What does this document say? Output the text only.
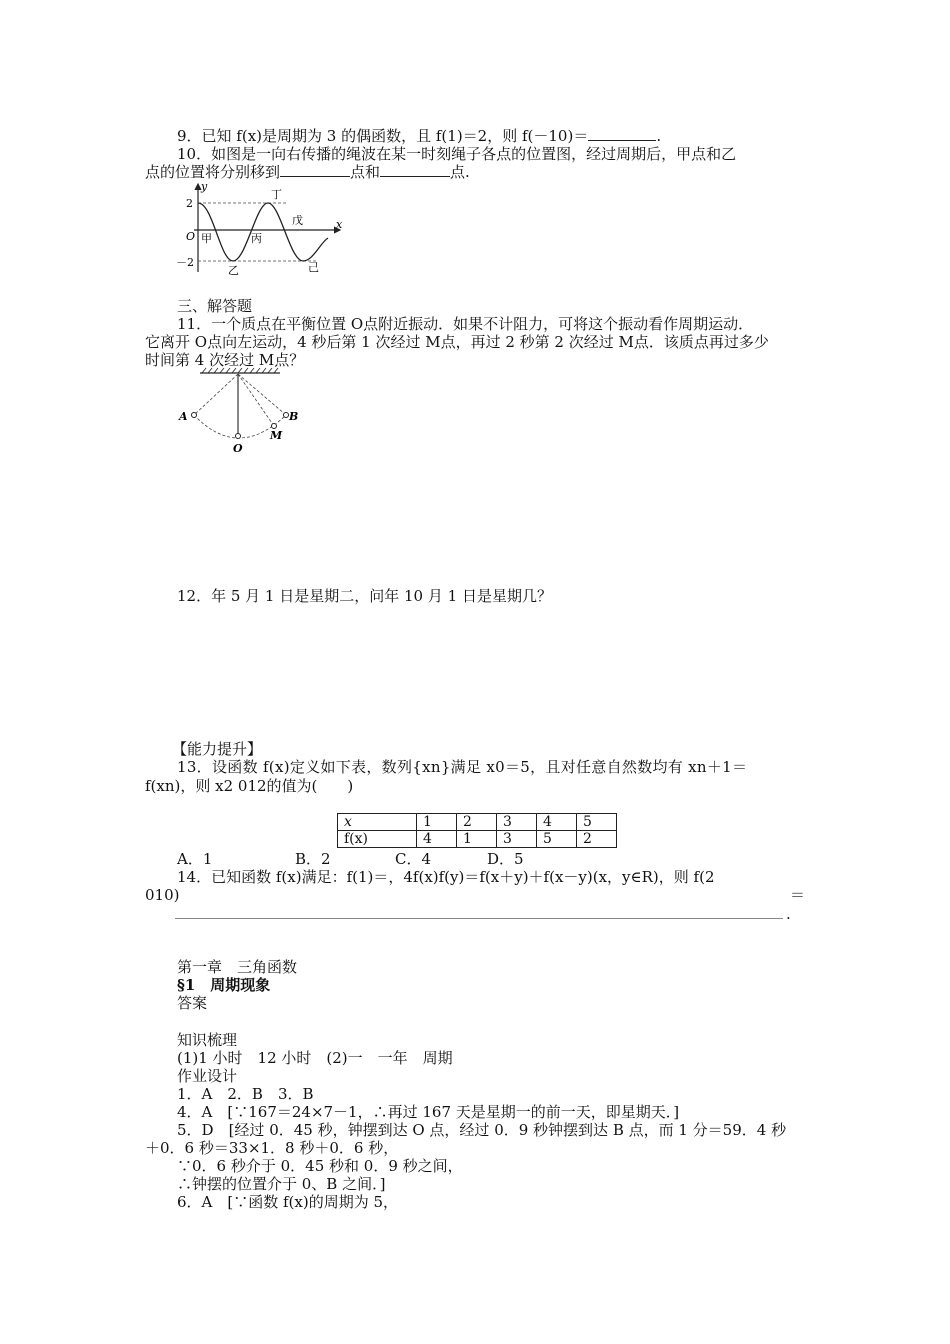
9．已知 f(x)是周期为 3 的偶函数，且 f(1)＝2，则 f(－10)＝	.
10．如图是一向右传播的绳波在某一时刻绳子各点的位置图，经过周期后，甲点和乙
点的位置将分别移到	点和	点.
y
x
O
2
－2
甲
乙
丙
丁
戊
己
三、解答题
11．一个质点在平衡位置 O点附近振动．如果不计阻力，可将这个振动看作周期运动．
它离开 O点向左运动，4 秒后第 1 次经过 M点，再过 2 秒第 2 次经过 M点．该质点再过多少
时间第 4 次经过 M点？
A	B
M
O
12．年 5 月 1 日是星期二，问年 10 月 1 日是星期几？
【能力提升】
13．设函数 f(x)定义如下表，数列{xn}满足 x0＝5，且对任意自然数均有 xn＋1＝
f(xn)，则 x2 012的值为(　　)
x	1	2	3	4	5
f(x)	4	1	3	5	2
A．1	B．2	C．4	D．5
14．已知函数 f(x)满足：f(1)＝，4f(x)f(y)＝f(x＋y)＋f(x－y)(x，y∈R)，则 f(2
＝
010)
.
第一章　三角函数
§1　周期现象
答案
知识梳理
(1)1 小时　12 小时　(2)一　一年　周期
作业设计
1．A　2．B　3．B
4．A　[∵167＝24×7－1，∴再过 167 天是星期一的前一天，即星期天．]
5．D　[经过 0．45 秒，钟摆到达 O 点，经过 0．9 秒钟摆到达 B 点，而 1 分＝59．4 秒
＋0．6 秒＝33×1．8 秒＋0．6 秒，
∵0．6 秒介于 0．45 秒和 0．9 秒之间，
∴钟摆的位置介于 0、B 之间．]
6．A　[∵函数 f(x)的周期为 5，
